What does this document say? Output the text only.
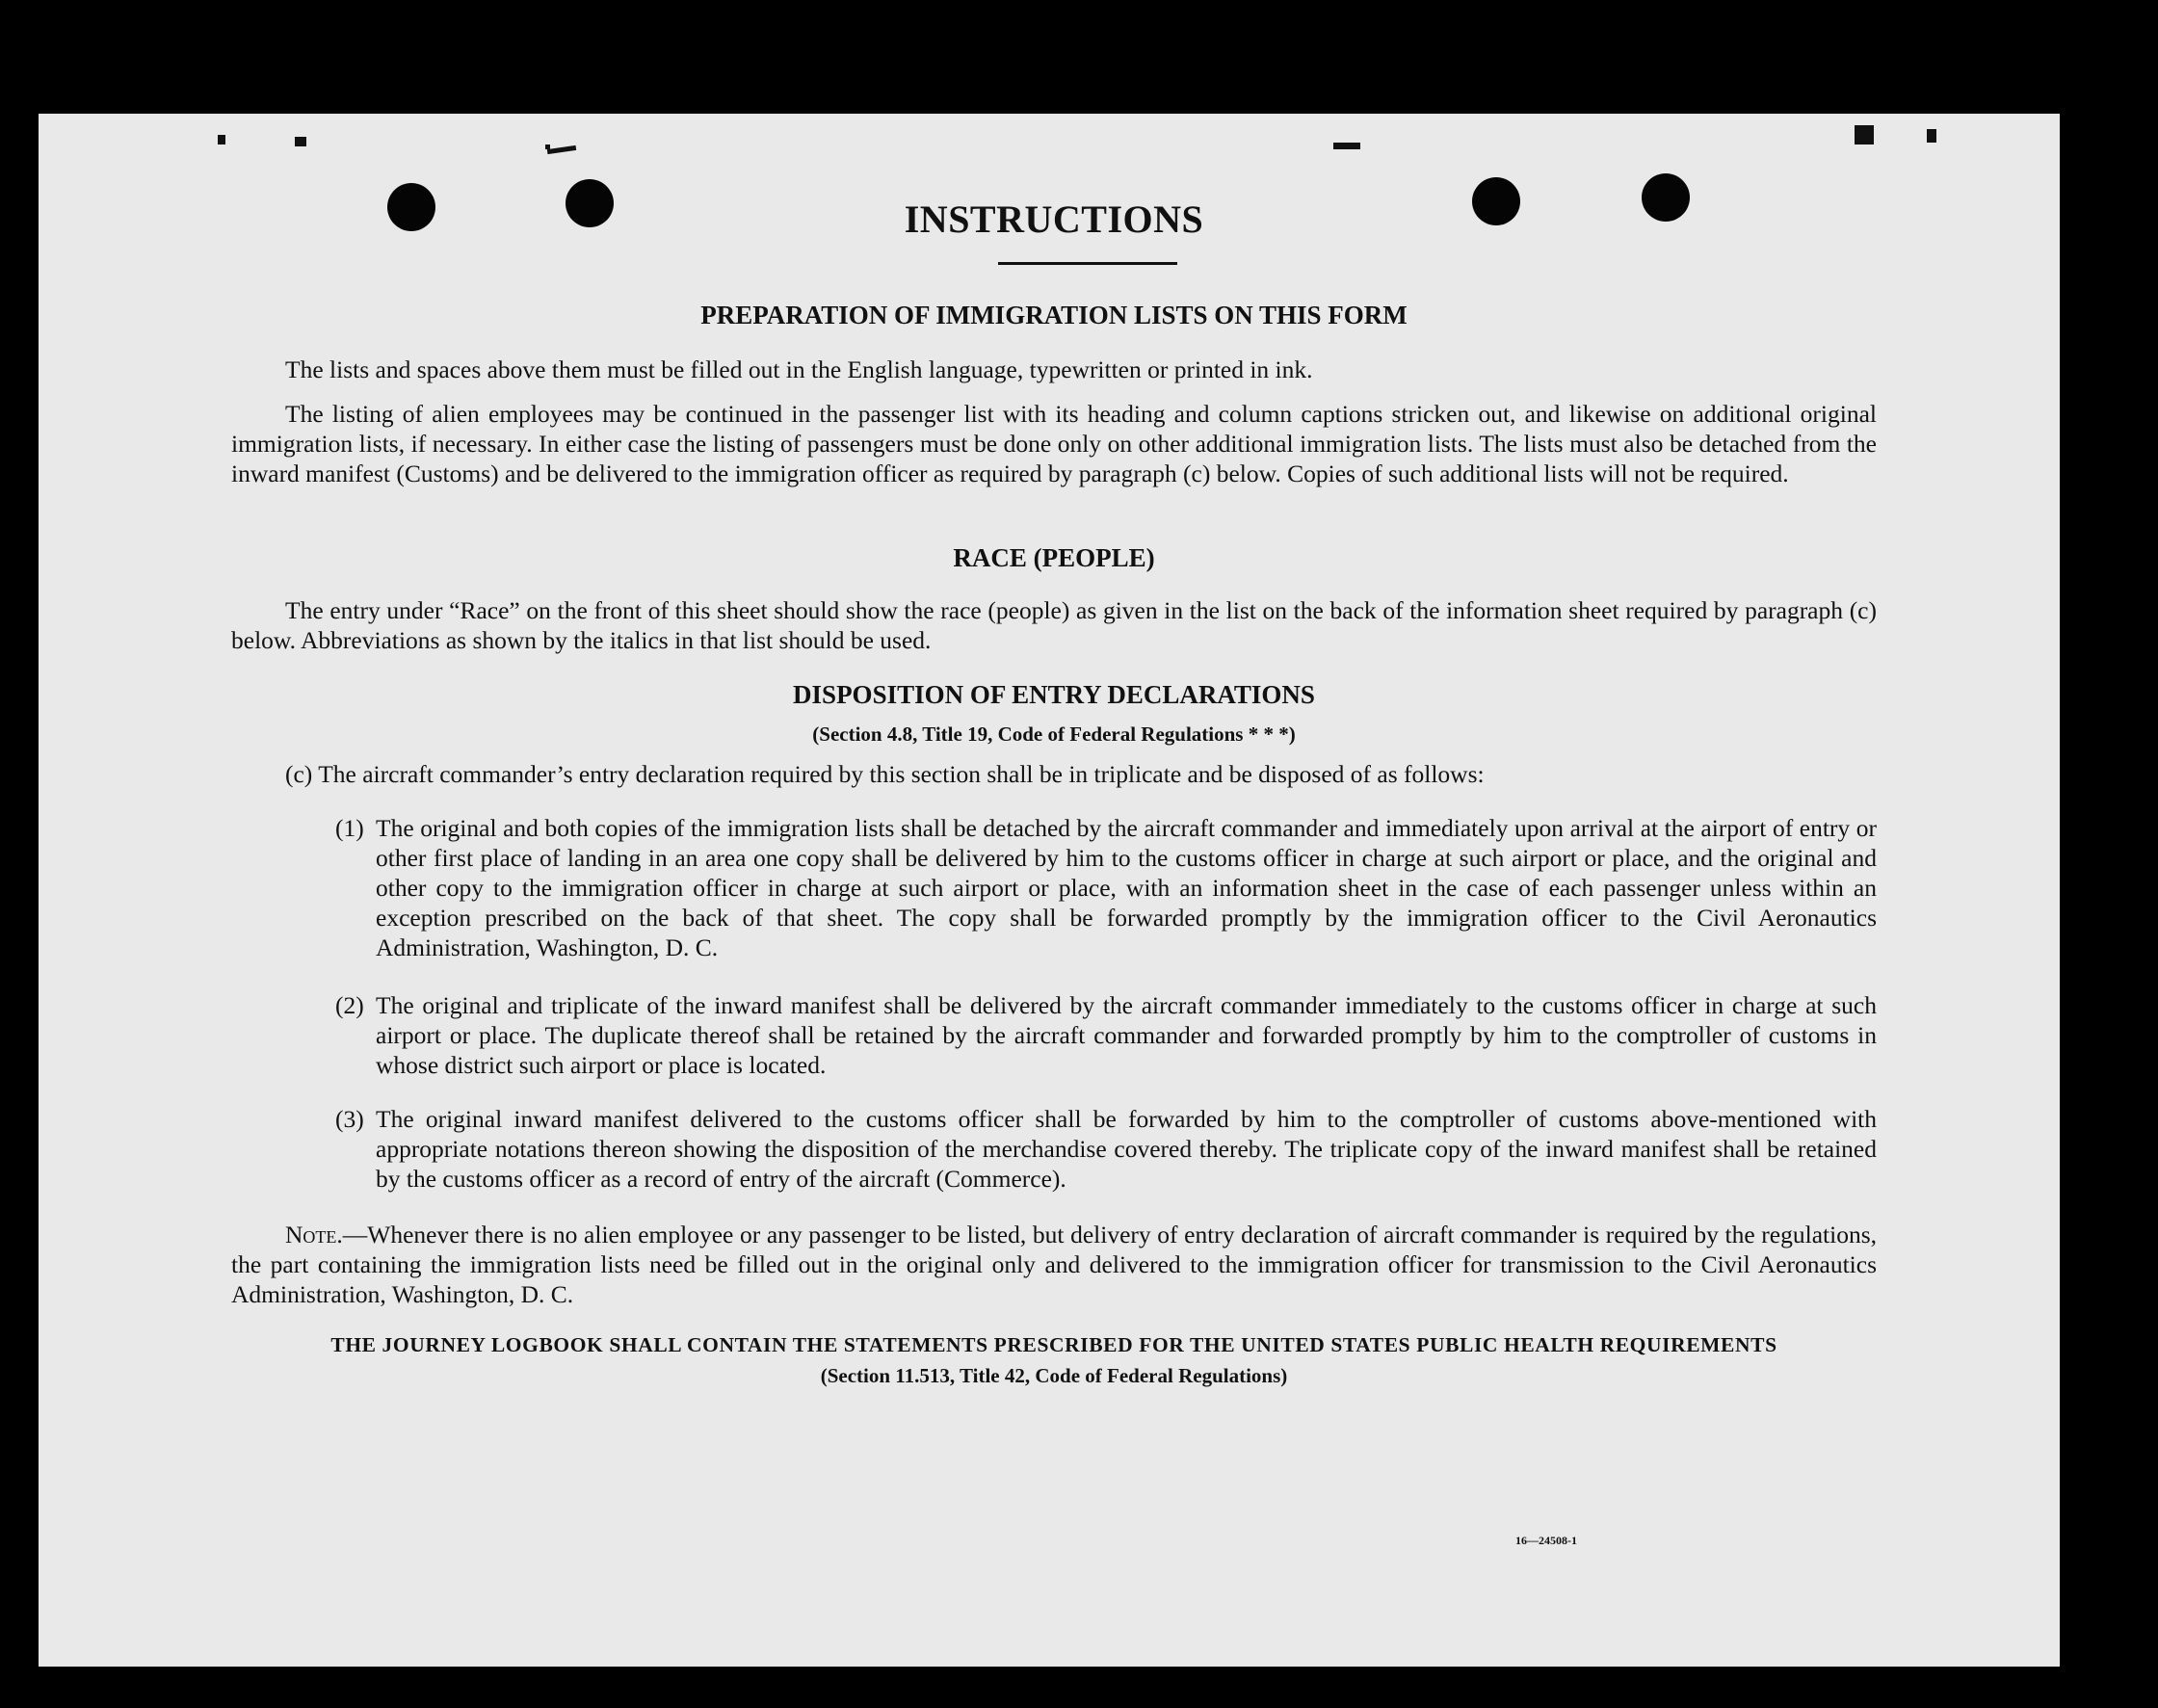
INSTRUCTIONS
PREPARATION OF IMMIGRATION LISTS ON THIS FORM
The lists and spaces above them must be filled out in the English language, typewritten or printed in ink.
The listing of alien employees may be continued in the passenger list with its heading and column captions stricken out, and likewise on additional original immigration lists, if necessary. In either case the listing of passengers must be done only on other additional immigration lists. The lists must also be detached from the inward manifest (Customs) and be delivered to the immigration officer as required by paragraph (c) below. Copies of such additional lists will not be required.
RACE (PEOPLE)
The entry under “Race” on the front of this sheet should show the race (people) as given in the list on the back of the information sheet required by paragraph (c) below. Abbreviations as shown by the italics in that list should be used.
DISPOSITION OF ENTRY DECLARATIONS
(Section 4.8, Title 19, Code of Federal Regulations * * *)
(c) The aircraft commander’s entry declaration required by this section shall be in triplicate and be disposed of as follows:
(1) The original and both copies of the immigration lists shall be detached by the aircraft commander and immediately upon arrival at the airport of entry or other first place of landing in an area one copy shall be delivered by him to the customs officer in charge at such airport or place, and the original and other copy to the immigration officer in charge at such airport or place, with an information sheet in the case of each passenger unless within an exception prescribed on the back of that sheet. The copy shall be forwarded promptly by the immigration officer to the Civil Aeronautics Administration, Washington, D. C.
(2) The original and triplicate of the inward manifest shall be delivered by the aircraft commander immediately to the customs officer in charge at such airport or place. The duplicate thereof shall be retained by the aircraft commander and forwarded promptly by him to the comptroller of customs in whose district such airport or place is located.
(3) The original inward manifest delivered to the customs officer shall be forwarded by him to the comptroller of customs above-mentioned with appropriate notations thereon showing the disposition of the merchandise covered thereby. The triplicate copy of the inward manifest shall be retained by the customs officer as a record of entry of the aircraft (Commerce).
Note.—Whenever there is no alien employee or any passenger to be listed, but delivery of entry declaration of aircraft commander is required by the regulations, the part containing the immigration lists need be filled out in the original only and delivered to the immigration officer for transmission to the Civil Aeronautics Administration, Washington, D. C.
THE JOURNEY LOGBOOK SHALL CONTAIN THE STATEMENTS PRESCRIBED FOR THE UNITED STATES PUBLIC HEALTH REQUIREMENTS
(Section 11.513, Title 42, Code of Federal Regulations)
16—24508-1
